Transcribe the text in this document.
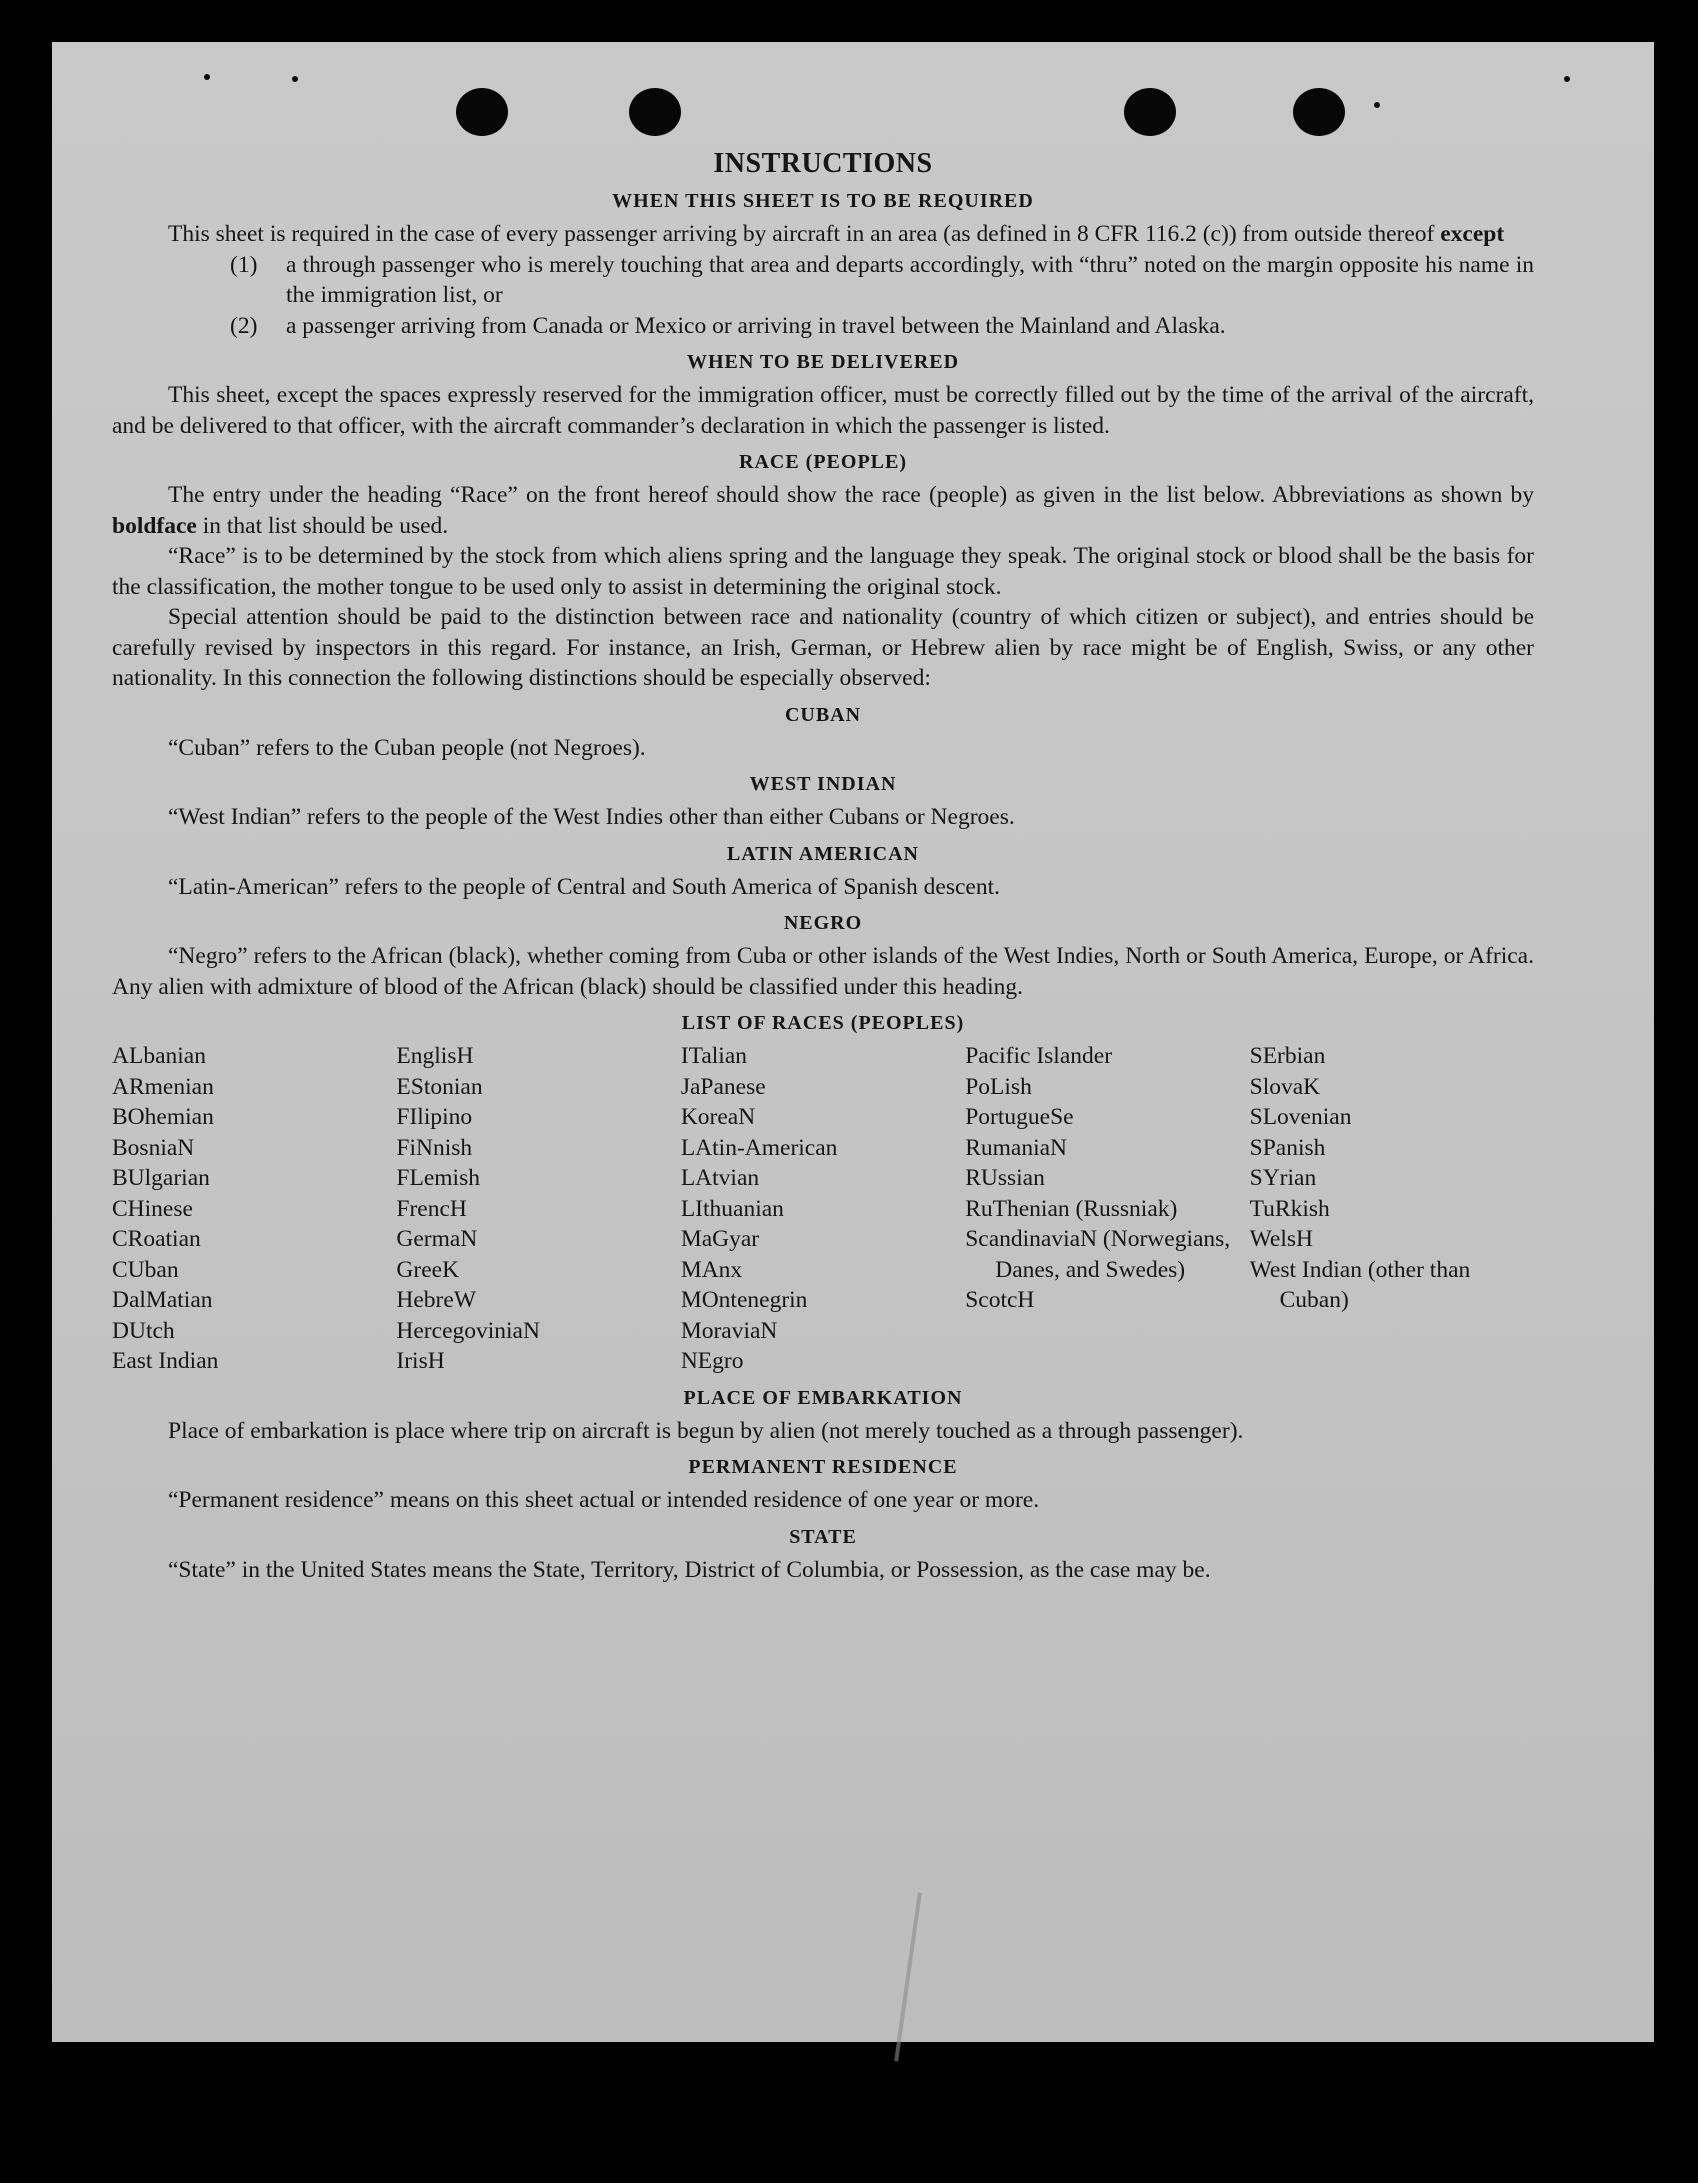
INSTRUCTIONS
WHEN THIS SHEET IS TO BE REQUIRED

This sheet is required in the case of every passenger arriving by aircraft in an area (as defined in 8 CFR 116.2 (c)) from outside thereof except

(1)	a through passenger who is merely touching that area and departs accordingly, with “thru” noted on the margin opposite his name in the immigration list, or
(2)	a passenger arriving from Canada or Mexico or arriving in travel between the Mainland and Alaska.
WHEN TO BE DELIVERED

This sheet, except the spaces expressly reserved for the immigration officer, must be correctly filled out by the time of the arrival of the aircraft, and be delivered to that officer, with the aircraft commander’s declaration in which the passenger is listed.

RACE (PEOPLE)

The entry under the heading “Race” on the front hereof should show the race (people) as given in the list below. Abbreviations as shown by boldface in that list should be used.

“Race” is to be determined by the stock from which aliens spring and the language they speak. The original stock or blood shall be the basis for the classification, the mother tongue to be used only to assist in determining the original stock.

Special attention should be paid to the distinction between race and nationality (country of which citizen or subject), and entries should be carefully revised by inspectors in this regard. For instance, an Irish, German, or Hebrew alien by race might be of English, Swiss, or any other nationality. In this connection the following distinctions should be especially observed:

CUBAN

“Cuban” refers to the Cuban people (not Negroes).

WEST INDIAN

“West Indian” refers to the people of the West Indies other than either Cubans or Negroes.

LATIN AMERICAN

“Latin-American” refers to the people of Central and South America of Spanish descent.

NEGRO

“Negro” refers to the African (black), whether coming from Cuba or other islands of the West Indies, North or South America, Europe, or Africa. Any alien with admixture of blood of the African (black) should be classified under this heading.

LIST OF RACES (PEOPLES)
ALbanian
ARmenian
BOhemian
BosniaN
BUlgarian
CHinese
CRoatian
CUban
DalMatian
DUtch
East Indian
EnglisH
EStonian
FIlipino
FiNnish
FLemish
FrencH
GermaN
GreeK
HebreW
HercegoviniaN
IrisH
ITalian
JaPanese
KoreaN
LAtin-American
LAtvian
LIthuanian
MaGyar
MAnx
MOntenegrin
MoraviaN
NEgro
Pacific Islander
PoLish
PortugueSe
RumaniaN
RUssian
RuThenian (Russniak)
ScandinaviaN (Norwegians, Danes, and Swedes)
ScotcH
SErbian
SlovaK
SLovenian
SPanish
SYrian
TuRkish
WelsH
West Indian (other than Cuban)
PLACE OF EMBARKATION

Place of embarkation is place where trip on aircraft is begun by alien (not merely touched as a through passenger).

PERMANENT RESIDENCE

“Permanent residence” means on this sheet actual or intended residence of one year or more.

STATE

“State” in the United States means the State, Territory, District of Columbia, or Possession, as the case may be.
